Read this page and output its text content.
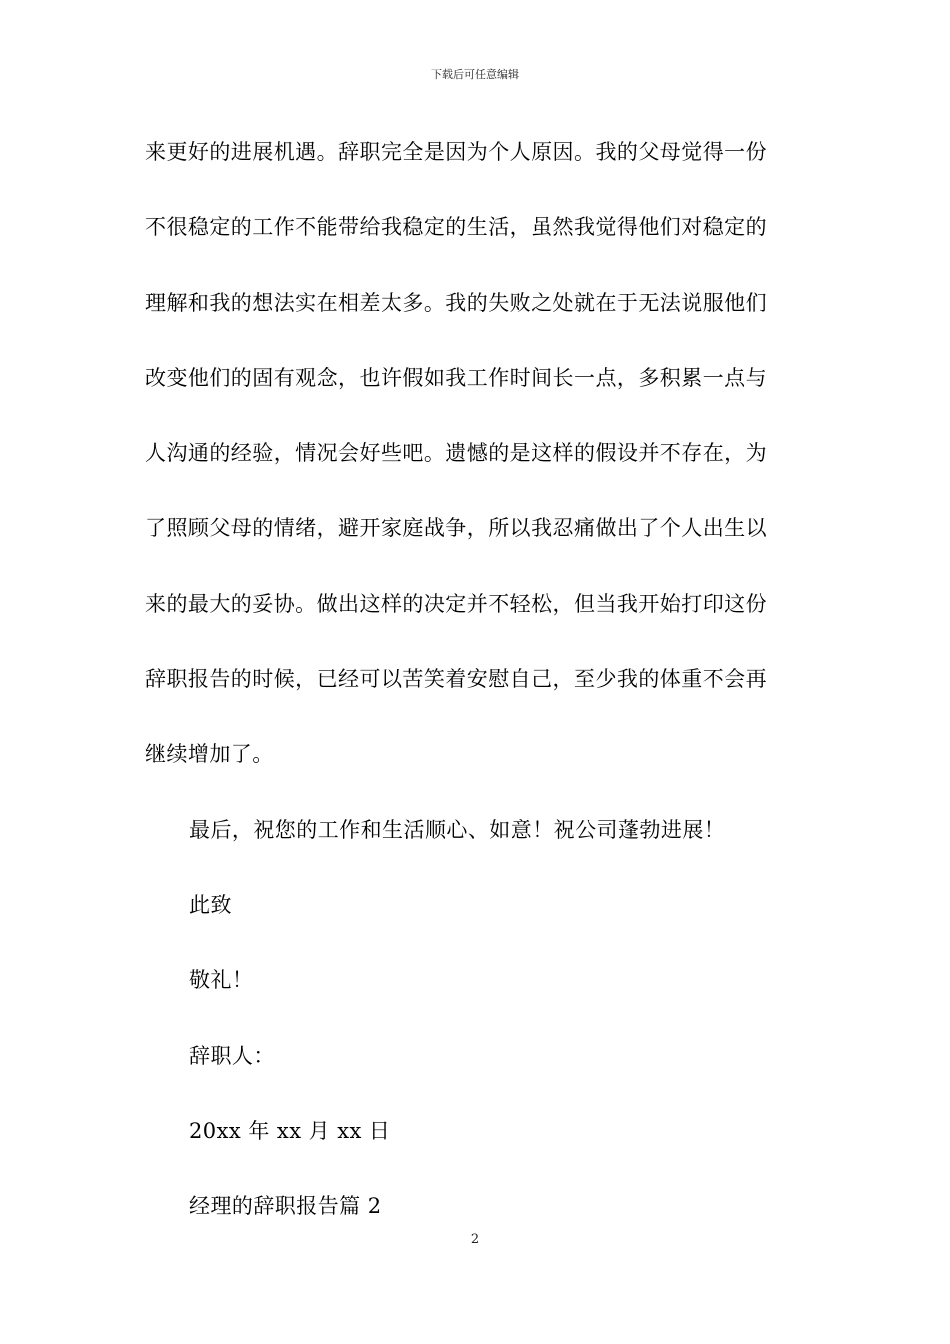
下载后可任意编辑
来更好的进展机遇。辞职完全是因为个人原因。我的父母觉得一份
不很稳定的工作不能带给我稳定的生活，虽然我觉得他们对稳定的
理解和我的想法实在相差太多。我的失败之处就在于无法说服他们
改变他们的固有观念，也许假如我工作时间长一点，多积累一点与
人沟通的经验，情况会好些吧。遗憾的是这样的假设并不存在，为
了照顾父母的情绪，避开家庭战争，所以我忍痛做出了个人出生以
来的最大的妥协。做出这样的决定并不轻松，但当我开始打印这份
辞职报告的时候，已经可以苦笑着安慰自己，至少我的体重不会再
继续增加了。
最后，祝您的工作和生活顺心、如意！祝公司蓬勃进展！
此致
敬礼！
辞职人：
20xx 年 xx 月 xx 日
经理的辞职报告篇 2
2
